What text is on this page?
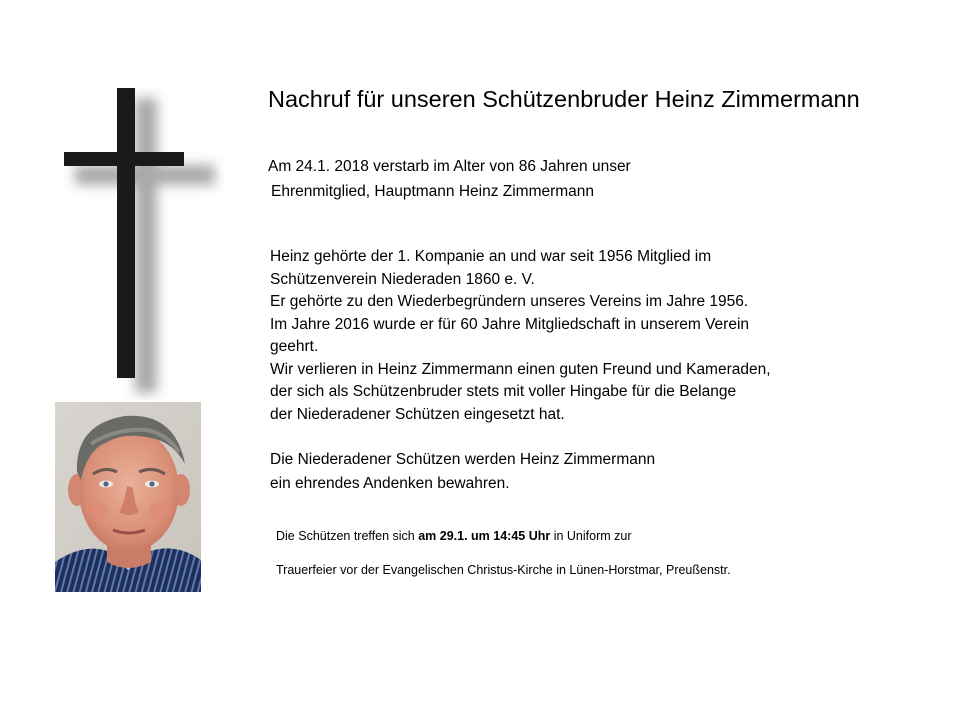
Nachruf für unseren Schützenbruder Heinz Zimmermann
Am 24.1. 2018 verstarb im Alter von 86 Jahren unser
Ehrenmitglied, Hauptmann Heinz Zimmermann
Heinz gehörte der 1. Kompanie an und war seit 1956 Mitglied im
Schützenverein Niederaden 1860 e. V.
Er gehörte zu den Wiederbegründern unseres Vereins im Jahre 1956.
Im Jahre 2016 wurde er für 60 Jahre Mitgliedschaft in unserem Verein
geehrt.
Wir verlieren in Heinz Zimmermann einen guten Freund und Kameraden,
der sich als Schützenbruder stets mit voller Hingabe für die Belange
der Niederadener Schützen eingesetzt hat.
Die Niederadener Schützen werden Heinz Zimmermann
ein ehrendes Andenken bewahren.
Die Schützen treffen sich am 29.1. um 14:45 Uhr in Uniform zur
Trauerfeier vor der Evangelischen Christus-Kirche in Lünen-Horstmar, Preußenstr.
